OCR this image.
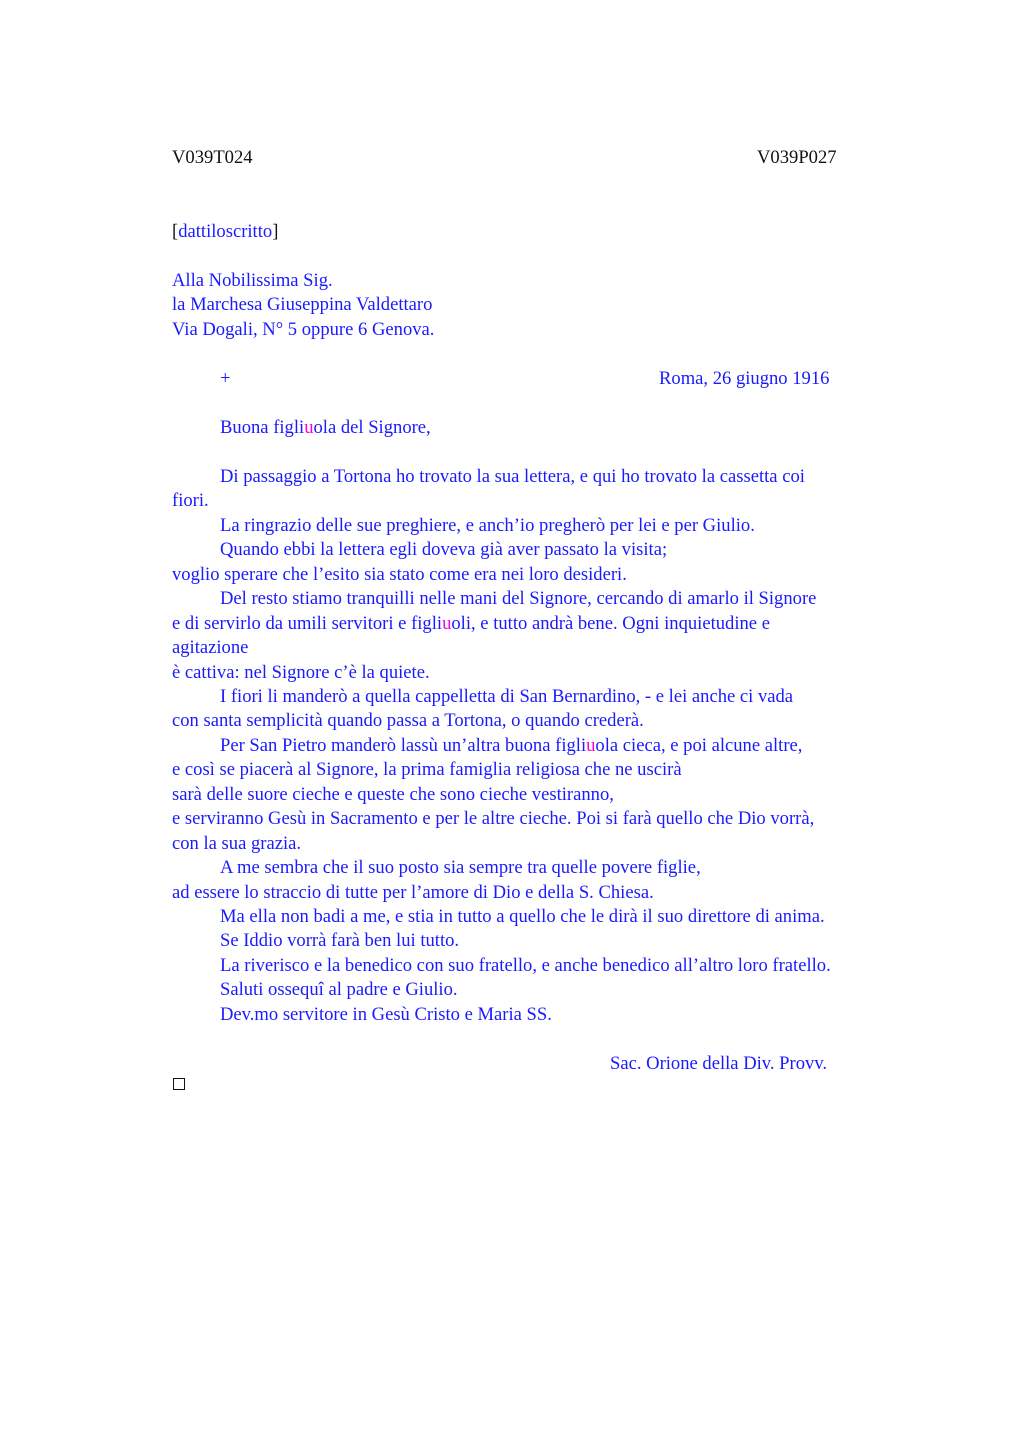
V039T024	V039P027
[dattiloscritto]
Alla Nobilissima Sig.
la Marchesa Giuseppina Valdettaro
Via Dogali, N° 5 oppure 6 Genova.
+	Roma, 26 giugno 1916
Buona figliuola del Signore,
Di passaggio a Tortona ho trovato la sua lettera, e qui ho trovato la cassetta coi
fiori.
La ringrazio delle sue preghiere, e anch’io pregherò per lei e per Giulio.
Quando ebbi la lettera egli doveva già aver passato la visita;
voglio sperare che l’esito sia stato come era nei loro desideri.
Del resto stiamo tranquilli nelle mani del Signore, cercando di amarlo il Signore
e di servirlo da umili servitori e figliuoli, e tutto andrà bene. Ogni inquietudine e
agitazione
è cattiva: nel Signore c’è la quiete.
I fiori li manderò a quella cappelletta di San Bernardino, - e lei anche ci vada
con santa semplicità quando passa a Tortona, o quando crederà.
Per San Pietro manderò lassù un’altra buona figliuola cieca, e poi alcune altre,
e così se piacerà al Signore, la prima famiglia religiosa che ne uscirà
sarà delle suore cieche e queste che sono cieche vestiranno,
e serviranno Gesù in Sacramento e per le altre cieche. Poi si farà quello che Dio vorrà,
con la sua grazia.
A me sembra che il suo posto sia sempre tra quelle povere figlie,
ad essere lo straccio di tutte per l’amore di Dio e della S. Chiesa.
Ma ella non badi a me, e stia in tutto a quello che le dirà il suo direttore di anima.
Se Iddio vorrà farà ben lui tutto.
La riverisco e la benedico con suo fratello, e anche benedico all’altro loro fratello.
Saluti ossequî al padre e Giulio.
Dev.mo servitore in Gesù Cristo e Maria SS.
Sac. Orione della Div. Provv.
